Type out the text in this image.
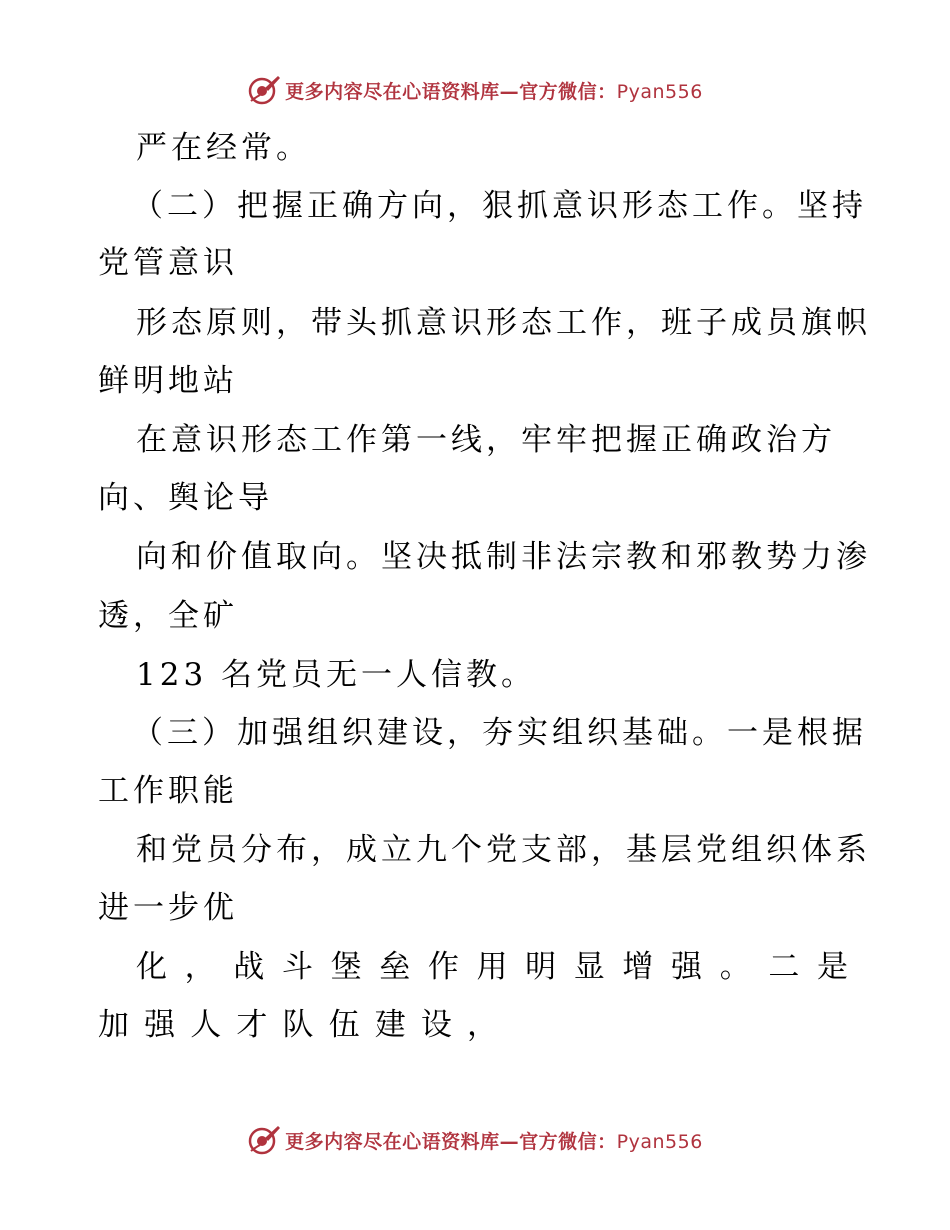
更多内容尽在心语资料库—官方微信：Pyan556
严在经常。
（二）把握正确方向，狠抓意识形态工作。坚持
党管意识
形态原则，带头抓意识形态工作，班子成员旗帜
鲜明地站
在意识形态工作第一线，牢牢把握正确政治方
向、舆论导
向和价值取向。坚决抵制非法宗教和邪教势力渗
透，全矿
123 名党员无一人信教。
（三）加强组织建设，夯实组织基础。一是根据
工作职能
和党员分布，成立九个党支部，基层党组织体系
进一步优
化 ， 战 斗 堡 垒 作 用 明 显 增 强 。 二 是
加 强 人 才 队 伍 建 设 ，
更多内容尽在心语资料库—官方微信：Pyan556
